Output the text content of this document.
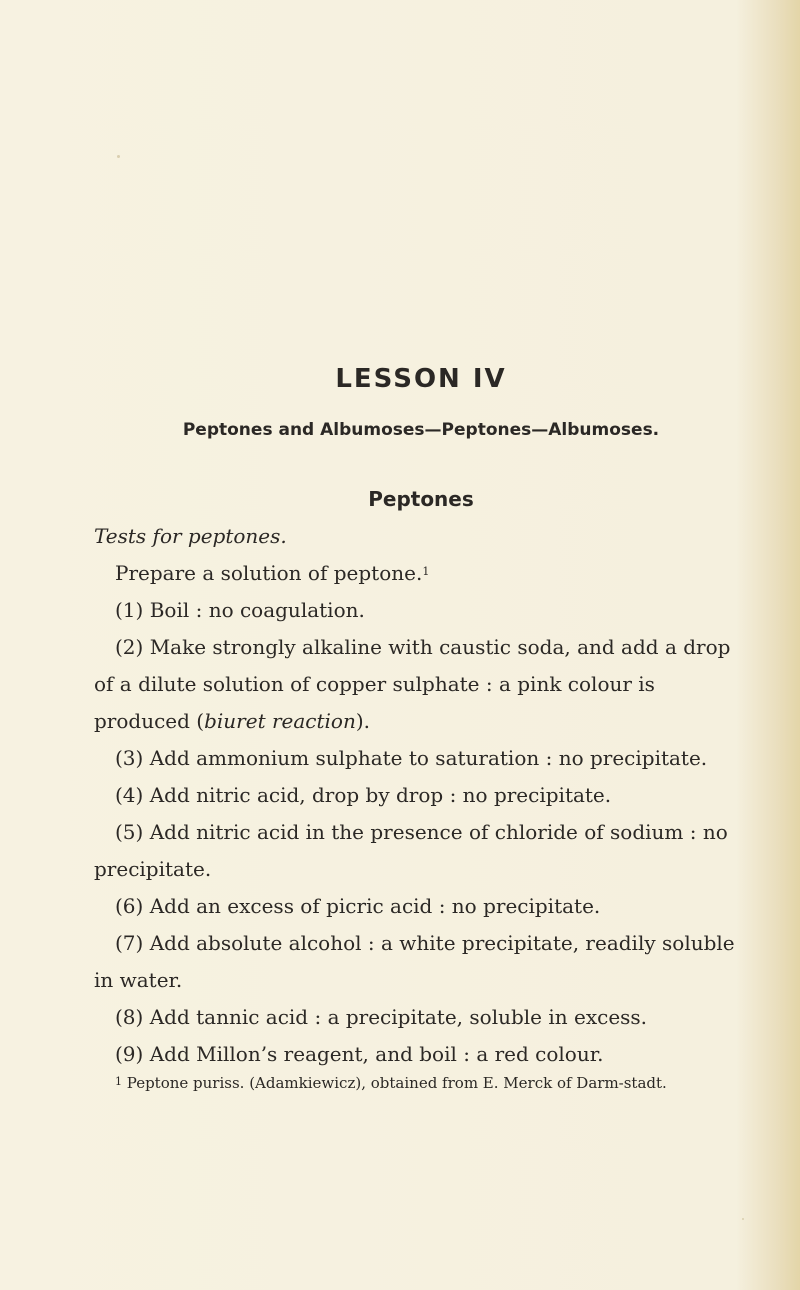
LESSON IV
Peptones and Albumoses—Peptones—Albumoses.
Peptones

Tests for peptones.

Prepare a solution of peptone.$^1$

(1) Boil : no coagulation.

(2) Make strongly alkaline with caustic soda, and add a drop of a dilute solution of copper sulphate : a pink colour is produced (biuret reaction).

(3) Add ammonium sulphate to saturation : no precipitate.

(4) Add nitric acid, drop by drop : no precipitate.

(5) Add nitric acid in the presence of chloride of sodium : no precipitate.

(6) Add an excess of picric acid : no precipitate.

(7) Add absolute alcohol : a white precipitate, readily soluble in water.

(8) Add tannic acid : a precipitate, soluble in excess.

(9) Add Millon’s reagent, and boil : a red colour.

$^1$ Peptone puriss. (Adamkiewicz), obtained from E. Merck of Darm-stadt.
